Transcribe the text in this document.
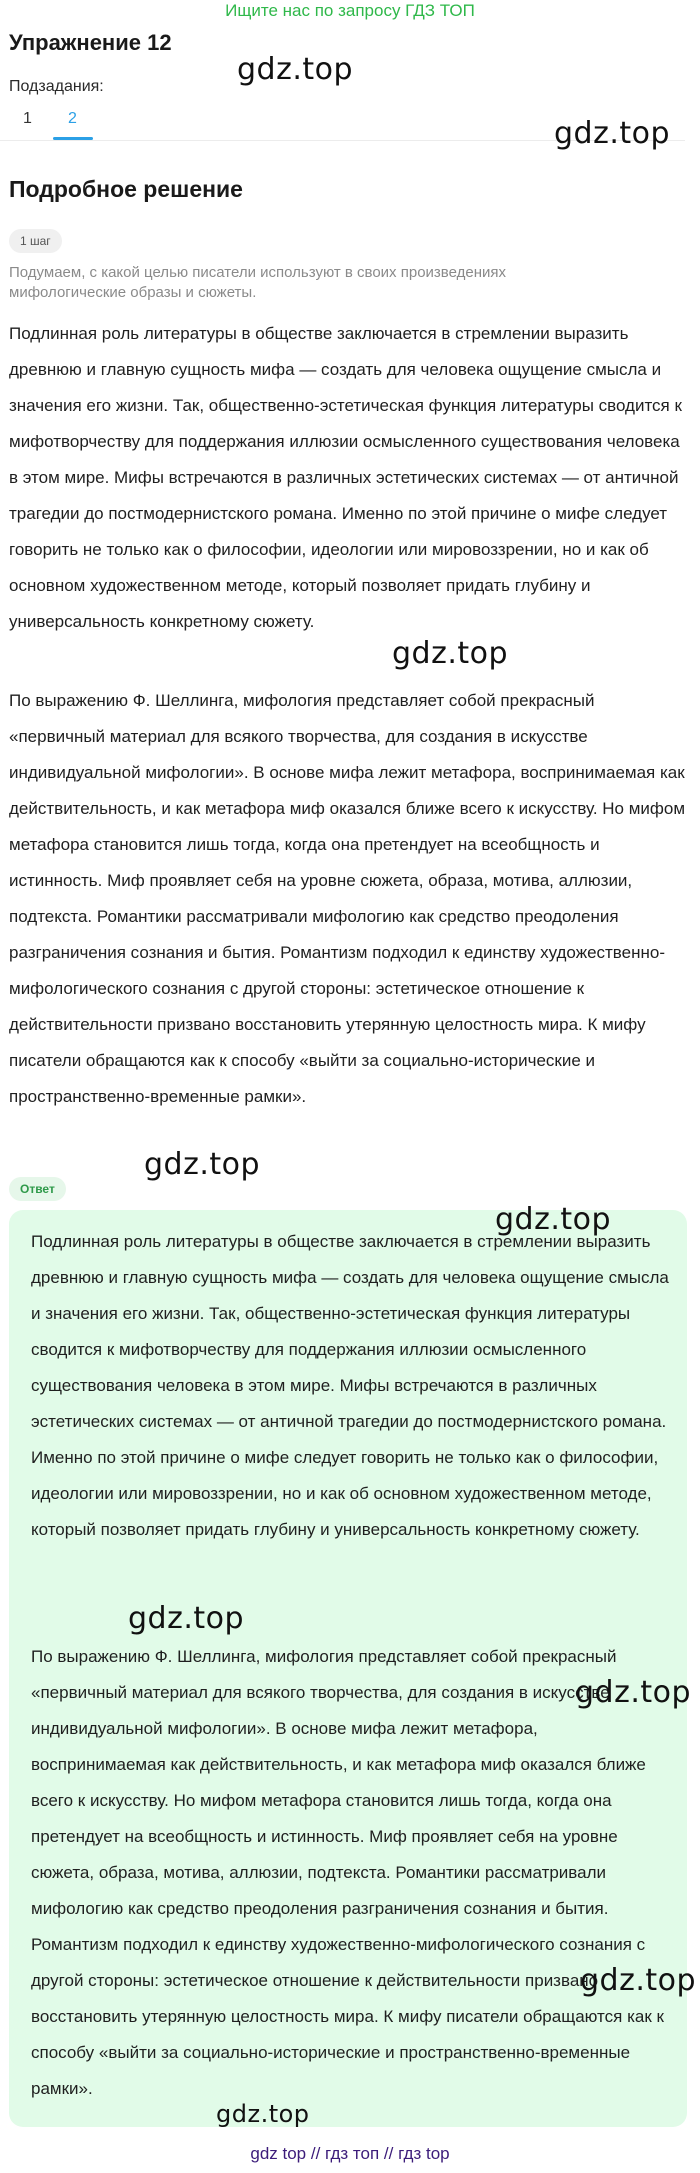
Ищите нас по запросу ГДЗ ТОП
Упражнение 12
Подзадания:
1 2
Подробное решение
1 шаг
Подумаем, с какой целью писатели используют в своих произведениях мифологические образы и сюжеты.
Подлинная роль литературы в обществе заключается в стремлении выразить древнюю и главную сущность мифа — создать для человека ощущение смысла и значения его жизни. Так, общественно-эстетическая функция литературы сводится к мифотворчеству для поддержания иллюзии осмысленного существования человека в этом мире. Мифы встречаются в различных эстетических системах — от античной трагедии до постмодернистского романа. Именно по этой причине о мифе следует говорить не только как о философии, идеологии или мировоззрении, но и как об основном художественном методе, который позволяет придать глубину и универсальность конкретному сюжету.
По выражению Ф. Шеллинга, мифология представляет собой прекрасный «первичный материал для всякого творчества, для создания в искусстве индивидуальной мифологии». В основе мифа лежит метафора, воспринимаемая как действительность, и как метафора миф оказался ближе всего к искусству. Но мифом метафора становится лишь тогда, когда она претендует на всеобщность и истинность. Миф проявляет себя на уровне сюжета, образа, мотива, аллюзии, подтекста. Романтики рассматривали мифологию как средство преодоления разграничения сознания и бытия. Романтизм подходил к единству художественно-мифологического сознания с другой стороны: эстетическое отношение к действительности призвано восстановить утерянную целостность мира. К мифу писатели обращаются как к способу «выйти за социально-исторические и пространственно-временные рамки».
Ответ
Подлинная роль литературы в обществе заключается в стремлении выразить древнюю и главную сущность мифа — создать для человека ощущение смысла и значения его жизни. Так, общественно-эстетическая функция литературы сводится к мифотворчеству для поддержания иллюзии осмысленного существования человека в этом мире. Мифы встречаются в различных эстетических системах — от античной трагедии до постмодернистского романа. Именно по этой причине о мифе следует говорить не только как о философии, идеологии или мировоззрении, но и как об основном художественном методе, который позволяет придать глубину и универсальность конкретному сюжету.
По выражению Ф. Шеллинга, мифология представляет собой прекрасный «первичный материал для всякого творчества, для создания в искусстве индивидуальной мифологии». В основе мифа лежит метафора, воспринимаемая как действительность, и как метафора миф оказался ближе всего к искусству. Но мифом метафора становится лишь тогда, когда она претендует на всеобщность и истинность. Миф проявляет себя на уровне сюжета, образа, мотива, аллюзии, подтекста. Романтики рассматривали мифологию как средство преодоления разграничения сознания и бытия. Романтизм подходил к единству художественно-мифологического сознания с другой стороны: эстетическое отношение к действительности призвано восстановить утерянную целостность мира. К мифу писатели обращаются как к способу «выйти за социально-исторические и пространственно-временные рамки».
gdz.top
gdz.top
gdz.top
gdz.top
gdz.top
gdz.top
gdz.top
gdz.top
gdz.top
gdz top // гдз топ // гдз top
